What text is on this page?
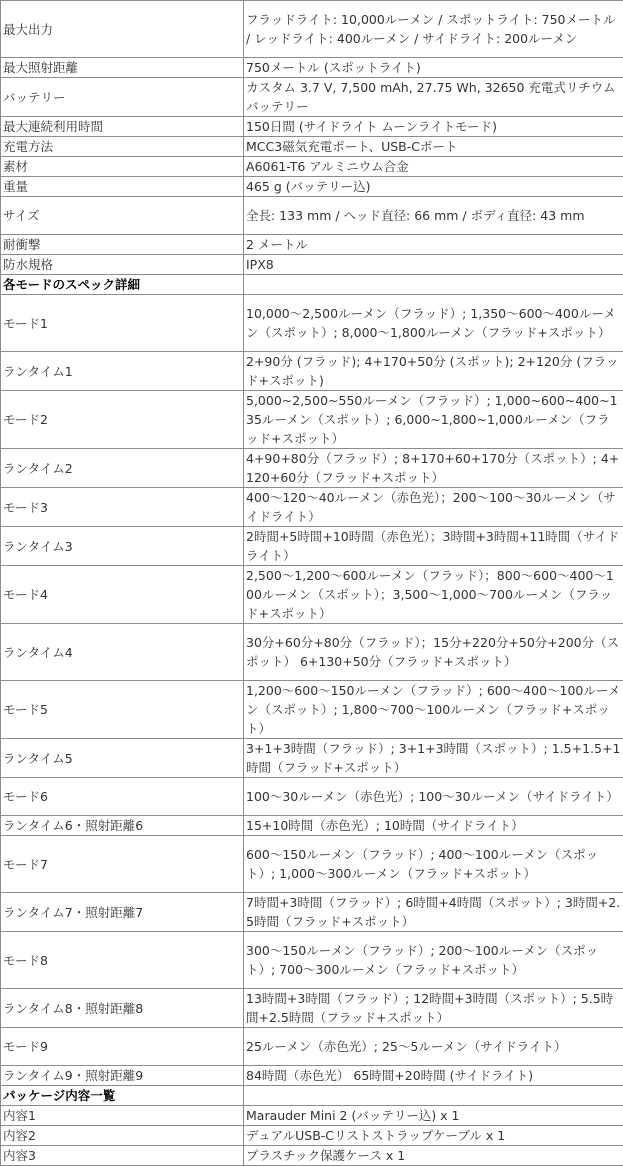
最大出力	フラッドライト: 10,000ルーメン / スポットライト: 750メートル / レッドライト: 400ルーメン / サイドライト: 200ルーメン
最大照射距離	750メートル (スポットライト)
バッテリー	カスタム 3.7 V, 7,500 mAh, 27.75 Wh, 32650 充電式リチウムバッテリー
最大連続利用時間	150日間 (サイドライト ムーンライトモード)
充電方法	MCC3磁気充電ポート、USB-Cポート
素材	A6061-T6 アルミニウム合金
重量	465 g (バッテリー込)
サイズ	全長: 133 mm / ヘッド直径: 66 mm / ボディ直径: 43 mm
耐衝撃	2 メートル
防水規格	IPX8
各モードのスペック詳細	
モード1	10,000～2,500ルーメン（フラッド）; 1,350～600～400ルーメン（スポット）; 8,000～1,800ルーメン（フラッド+スポット）
ランタイム1	2+90分 (フラッド); 4+170+50分 (スポット); 2+120分 (フラッド+スポット)
モード2	5,000~2,500~550ルーメン（フラッド）; 1,000~600~400~135ルーメン（スポット）; 6,000~1,800~1,000ルーメン（フラッド+スポット）
ランタイム2	4+90+80分（フラッド）; 8+170+60+170分（スポット）; 4+120+60分（フラッド+スポット）
モード3	400～120～40ルーメン（赤色光）；200～100～30ルーメン（サイドライト）
ランタイム3	2時間+5時間+10時間（赤色光）；3時間+3時間+11時間（サイドライト）
モード4	2,500～1,200～600ルーメン（フラッド）；800～600～400～100ルーメン（スポット）；3,500～1,000～700ルーメン（フラッド+スポット）
ランタイム4	30分+60分+80分（フラッド）；15分+220分+50分+200分（スポット） 6+130+50分（フラッド+スポット）
モード5	1,200～600～150ルーメン（フラッド）; 600～400～100ルーメン（スポット）; 1,800～700～100ルーメン（フラッド+スポット）
ランタイム5	3+1+3時間（フラッド）; 3+1+3時間（スポット）; 1.5+1.5+1時間（フラッド+スポット）
モード6	100～30ルーメン（赤色光）; 100～30ルーメン（サイドライト）
ランタイム6・照射距離6	15+10時間（赤色光）; 10時間（サイドライト）
モード7	600～150ルーメン（フラッド）; 400～100ルーメン（スポット）; 1,000～300ルーメン（フラッド+スポット）
ランタイム7・照射距離7	7時間+3時間（フラッド）; 6時間+4時間（スポット）; 3時間+2.5時間（フラッド+スポット）
モード8	300～150ルーメン（フラッド）; 200～100ルーメン（スポット）; 700～300ルーメン（フラッド+スポット）
ランタイム8・照射距離8	13時間+3時間（フラッド）; 12時間+3時間（スポット）; 5.5時間+2.5時間（フラッド+スポット）
モード9	25ルーメン（赤色光）; 25～5ルーメン（サイドライト）
ランタイム9・照射距離9	84時間（赤色光） 65時間+20時間 (サイドライト)
パッケージ内容一覧	
内容1	Marauder Mini 2 (バッテリー込) x 1
内容2	デュアルUSB-Cリストストラップケーブル x 1
内容3	プラスチック保護ケース x 1
